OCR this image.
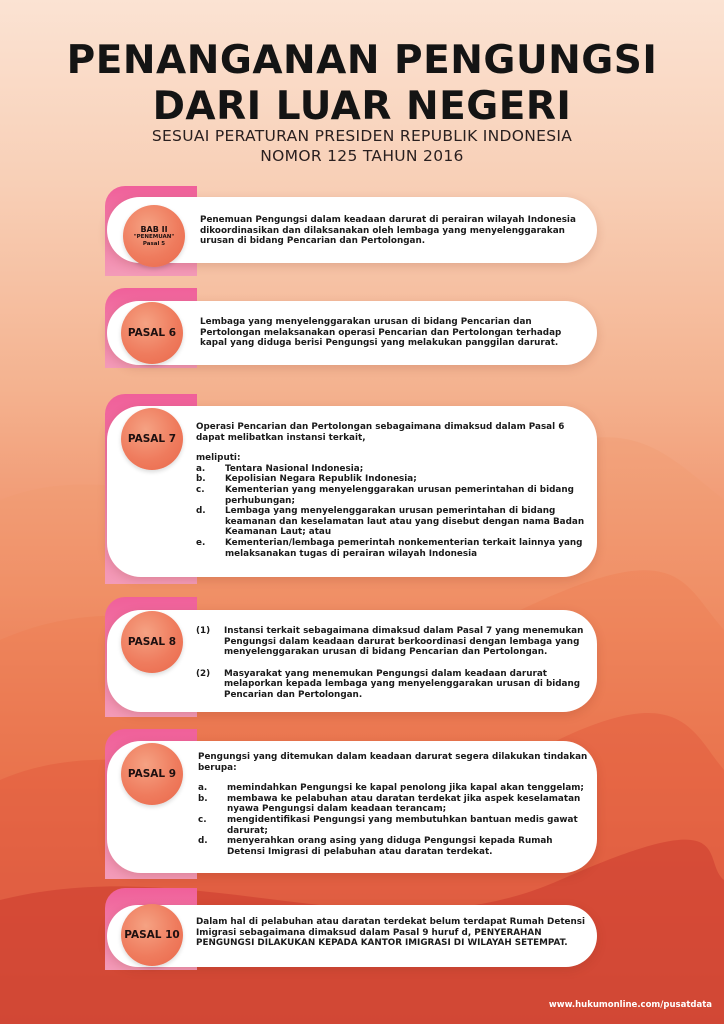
PENANGANAN PENGUNGSI
DARI LUAR NEGERI
SESUAI PERATURAN PRESIDEN REPUBLIK INDONESIA
NOMOR 125 TAHUN 2016
BAB II
"PENEMUAN"
Pasal 5
Penemuan Pengungsi dalam keadaan darurat di perairan wilayah Indonesia dikoordinasikan dan dilaksanakan oleh lembaga yang menyelenggarakan urusan di bidang Pencarian dan Pertolongan.
PASAL 6
Lembaga yang menyelenggarakan urusan di bidang Pencarian dan Pertolongan melaksanakan operasi Pencarian dan Pertolongan terhadap kapal yang diduga berisi Pengungsi yang melakukan panggilan darurat.
PASAL 7

Operasi Pencarian dan Pertolongan sebagaimana dimaksud dalam Pasal 6 dapat melibatkan instansi terkait,

meliputi:

a. Tentara Nasional Indonesia;
b. Kepolisian Negara Republik Indonesia;
c. Kementerian yang menyelenggarakan urusan pemerintahan di bidang perhubungan;
d. Lembaga yang menyelenggarakan urusan pemerintahan di bidang keamanan dan keselamatan laut atau yang disebut dengan nama Badan Keamanan Laut; atau
e. Kementerian/lembaga pemerintah nonkementerian terkait lainnya yang melaksanakan tugas di perairan wilayah Indonesia
PASAL 8
(1) Instansi terkait sebagaimana dimaksud dalam Pasal 7 yang menemukan Pengungsi dalam keadaan darurat berkoordinasi dengan lembaga yang menyelenggarakan urusan di bidang Pencarian dan Pertolongan.
(2) Masyarakat yang menemukan Pengungsi dalam keadaan darurat melaporkan kepada lembaga yang menyelenggarakan urusan di bidang Pencarian dan Pertolongan.
PASAL 9

Pengungsi yang ditemukan dalam keadaan darurat segera dilakukan tindakan berupa:

a. memindahkan Pengungsi ke kapal penolong jika kapal akan tenggelam;
b. membawa ke pelabuhan atau daratan terdekat jika aspek keselamatan nyawa Pengungsi dalam keadaan terancam;
c. mengidentifikasi Pengungsi yang membutuhkan bantuan medis gawat darurat;
d. menyerahkan orang asing yang diduga Pengungsi kepada Rumah Detensi Imigrasi di pelabuhan atau daratan terdekat.
PASAL 10
Dalam hal di pelabuhan atau daratan terdekat belum terdapat Rumah Detensi Imigrasi sebagaimana dimaksud dalam Pasal 9 huruf d, PENYERAHAN PENGUNGSI DILAKUKAN KEPADA KANTOR IMIGRASI DI WILAYAH SETEMPAT.
www.hukumonline.com/pusatdata
